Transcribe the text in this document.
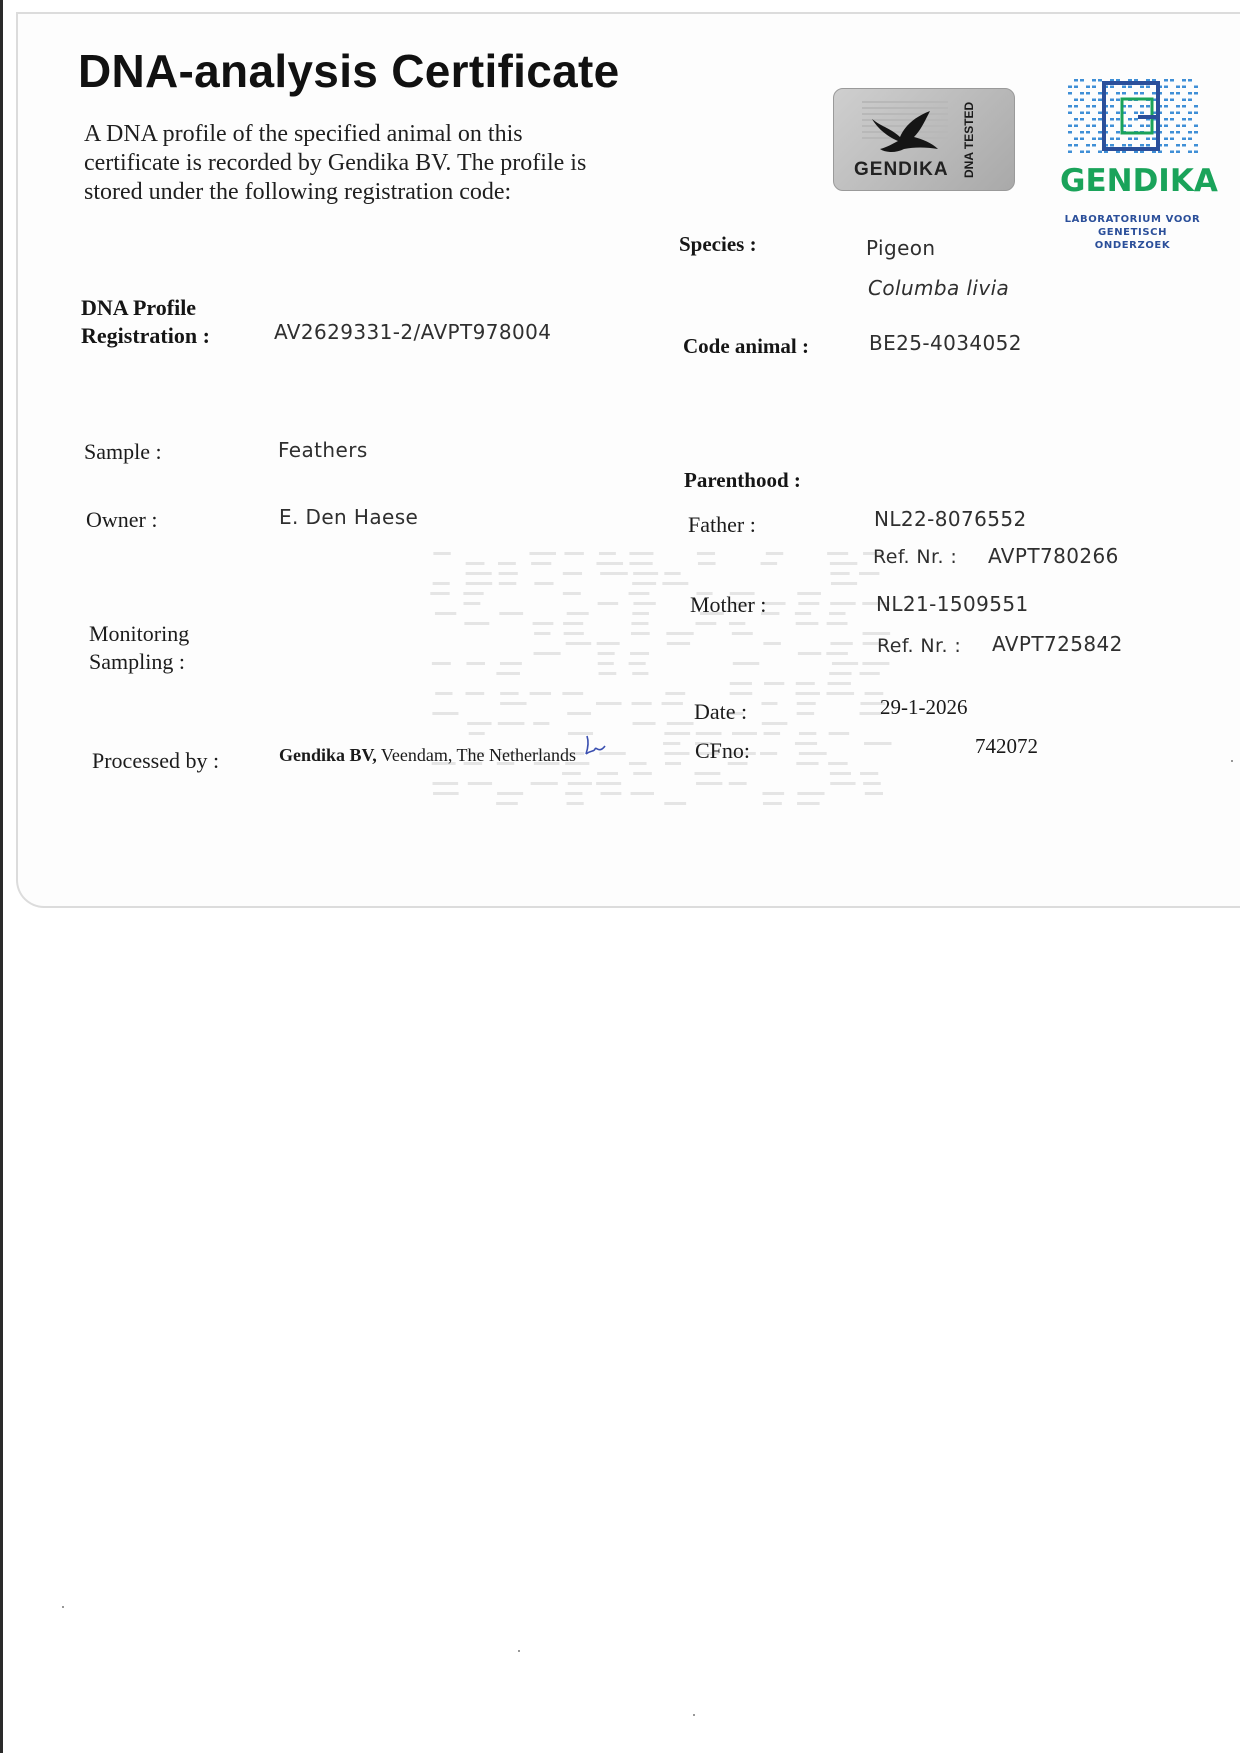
DNA-analysis Certificate
A DNA profile of the specified animal on this certificate is recorded by Gendika BV. The profile is stored under the following registration code:
DNA Profile
Registration :	AV2629331-2/AVPT978004
Sample :	Feathers
Owner :	E. Den Haese
Monitoring
Sampling :
Processed by :	Gendika BV, Veendam, The Netherlands
Species :	Pigeon
Columba livia
Code animal :	BE25-4034052
Parenthood :
Father :	NL22-8076552
Ref. Nr. : AVPT780266
Mother :	NL21-1509551
Ref. Nr. : AVPT725842
Date :	29-1-2026
CFno:	742072
GENDIKA DNA TESTED
GENDIKA
LABORATORIUM VOOR
GENETISCH ONDERZOEK
